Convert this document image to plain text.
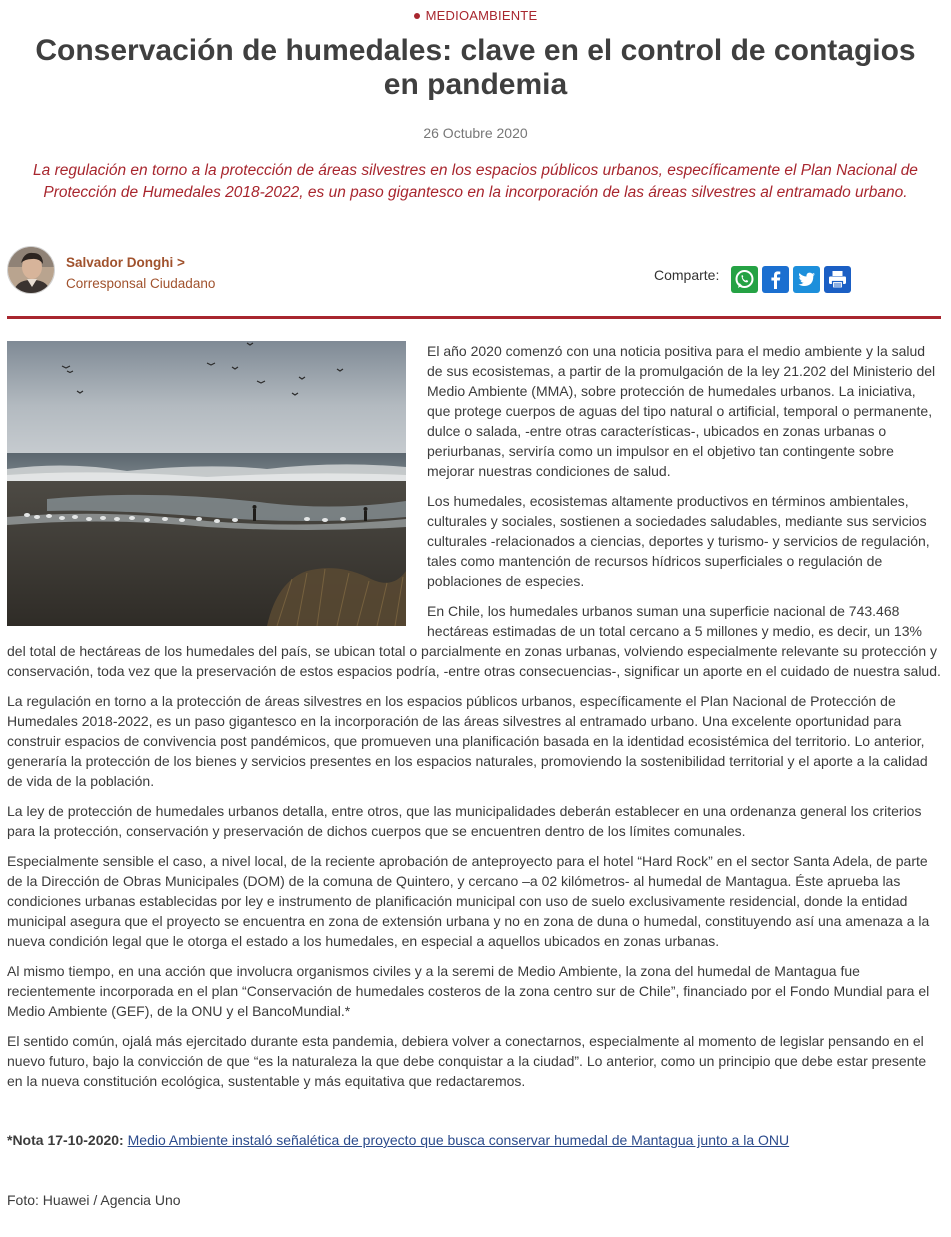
MEDIOAMBIENTE
Conservación de humedales: clave en el control de contagios en pandemia
26 Octubre 2020
La regulación en torno a la protección de áreas silvestres en los espacios públicos urbanos, específicamente el Plan Nacional de Protección de Humedales 2018-2022, es un paso gigantesco en la incorporación de las áreas silvestres al entramado urbano.
Salvador Donghi >
Corresponsal Ciudadano
Comparte:

El año 2020 comenzó con una noticia positiva para el medio ambiente y la salud de sus ecosistemas, a partir de la promulgación de la ley 21.202 del Ministerio del Medio Ambiente (MMA), sobre protección de humedales urbanos. La iniciativa, que protege cuerpos de aguas del tipo natural o artificial, temporal o permanente, dulce o salada, -entre otras características-, ubicados en zonas urbanas o periurbanas, serviría como un impulsor en el objetivo tan contingente sobre mejorar nuestras condiciones de salud.

Los humedales, ecosistemas altamente productivos en términos ambientales, culturales y sociales, sostienen a sociedades saludables, mediante sus servicios culturales -relacionados a ciencias, deportes y turismo- y servicios de regulación, tales como mantención de recursos hídricos superficiales o regulación de poblaciones de especies.

En Chile, los humedales urbanos suman una superficie nacional de 743.468 hectáreas estimadas de un total cercano a 5 millones y medio, es decir, un 13% del total de hectáreas de los humedales del país, se ubican total o parcialmente en zonas urbanas, volviendo especialmente relevante su protección y conservación, toda vez que la preservación de estos espacios podría, -entre otras consecuencias-, significar un aporte en el cuidado de nuestra salud.

La regulación en torno a la protección de áreas silvestres en los espacios públicos urbanos, específicamente el Plan Nacional de Protección de Humedales 2018-2022, es un paso gigantesco en la incorporación de las áreas silvestres al entramado urbano. Una excelente oportunidad para construir espacios de convivencia post pandémicos, que promueven una planificación basada en la identidad ecosistémica del territorio. Lo anterior, generaría la protección de los bienes y servicios presentes en los espacios naturales, promoviendo la sostenibilidad territorial y el aporte a la calidad de vida de la población.

La ley de protección de humedales urbanos detalla, entre otros, que las municipalidades deberán establecer en una ordenanza general los criterios para la protección, conservación y preservación de dichos cuerpos que se encuentren dentro de los límites comunales.

Especialmente sensible el caso, a nivel local, de la reciente aprobación de anteproyecto para el hotel “Hard Rock” en el sector Santa Adela, de parte de la Dirección de Obras Municipales (DOM) de la comuna de Quintero, y cercano –a 02 kilómetros- al humedal de Mantagua. Éste aprueba las condiciones urbanas establecidas por ley e instrumento de planificación municipal con uso de suelo exclusivamente residencial, donde la entidad municipal asegura que el proyecto se encuentra en zona de extensión urbana y no en zona de duna o humedal, constituyendo así una amenaza a la nueva condición legal que le otorga el estado a los humedales, en especial a aquellos ubicados en zonas urbanas.

Al mismo tiempo, en una acción que involucra organismos civiles y a la seremi de Medio Ambiente, la zona del humedal de Mantagua fue recientemente incorporada en el plan “Conservación de humedales costeros de la zona centro sur de Chile”, financiado por el Fondo Mundial para el Medio Ambiente (GEF), de la ONU y el BancoMundial.*

El sentido común, ojalá más ejercitado durante esta pandemia, debiera volver a conectarnos, especialmente al momento de legislar pensando en el nuevo futuro, bajo la convicción de que “es la naturaleza la que debe conquistar a la ciudad”. Lo anterior, como un principio que debe estar presente en la nueva constitución ecológica, sustentable y más equitativa que redactaremos.

*Nota 17-10-2020: Medio Ambiente instaló señalética de proyecto que busca conservar humedal de Mantagua junto a la ONU

Foto: Huawei / Agencia Uno
